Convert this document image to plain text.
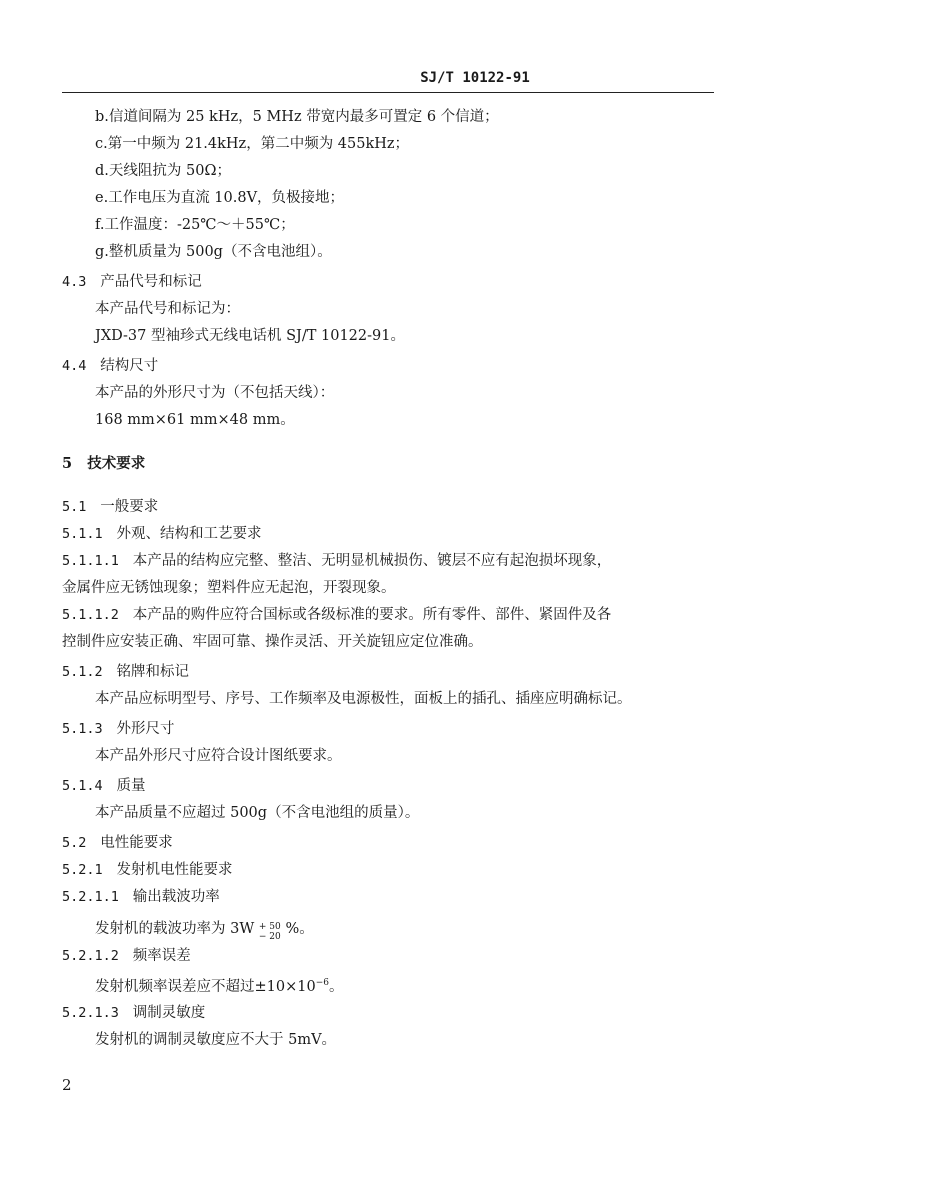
SJ/T 10122-91
b.信道间隔为 25 kHz，5 MHz 带宽内最多可置定 6 个信道；
c.第一中频为 21.4kHz，第二中频为 455kHz；
d.天线阻抗为 50Ω；
e.工作电压为直流 10.8V，负极接地；
f.工作温度：-25℃～＋55℃；
g.整机质量为 500g（不含电池组）。
4.3 产品代号和标记
本产品代号和标记为：
JXD-37 型袖珍式无线电话机 SJ/T 10122-91。
4.4 结构尺寸
本产品的外形尺寸为（不包括天线）：
168 mm×61 mm×48 mm。
5 技术要求
5.1 一般要求
5.1.1 外观、结构和工艺要求
5.1.1.1 本产品的结构应完整、整洁、无明显机械损伤、镀层不应有起泡损坏现象，
金属件应无锈蚀现象；塑料件应无起泡，开裂现象。
5.1.1.2 本产品的购件应符合国标或各级标准的要求。所有零件、部件、紧固件及各
控制件应安装正确、牢固可靠、操作灵活、开关旋钮应定位准确。
5.1.2 铭牌和标记
本产品应标明型号、序号、工作频率及电源极性，面板上的插孔、插座应明确标记。
5.1.3 外形尺寸
本产品外形尺寸应符合设计图纸要求。
5.1.4 质量
本产品质量不应超过 500g（不含电池组的质量）。
5.2 电性能要求
5.2.1 发射机电性能要求
5.2.1.1 输出载波功率
发射机的载波功率为 3W + 50
− 20 %。
5.2.1.2 频率误差
发射机频率误差应不超过$\pm 10\times 10^{-6}$。
5.2.1.3 调制灵敏度
发射机的调制灵敏度应不大于 5mV。
2
